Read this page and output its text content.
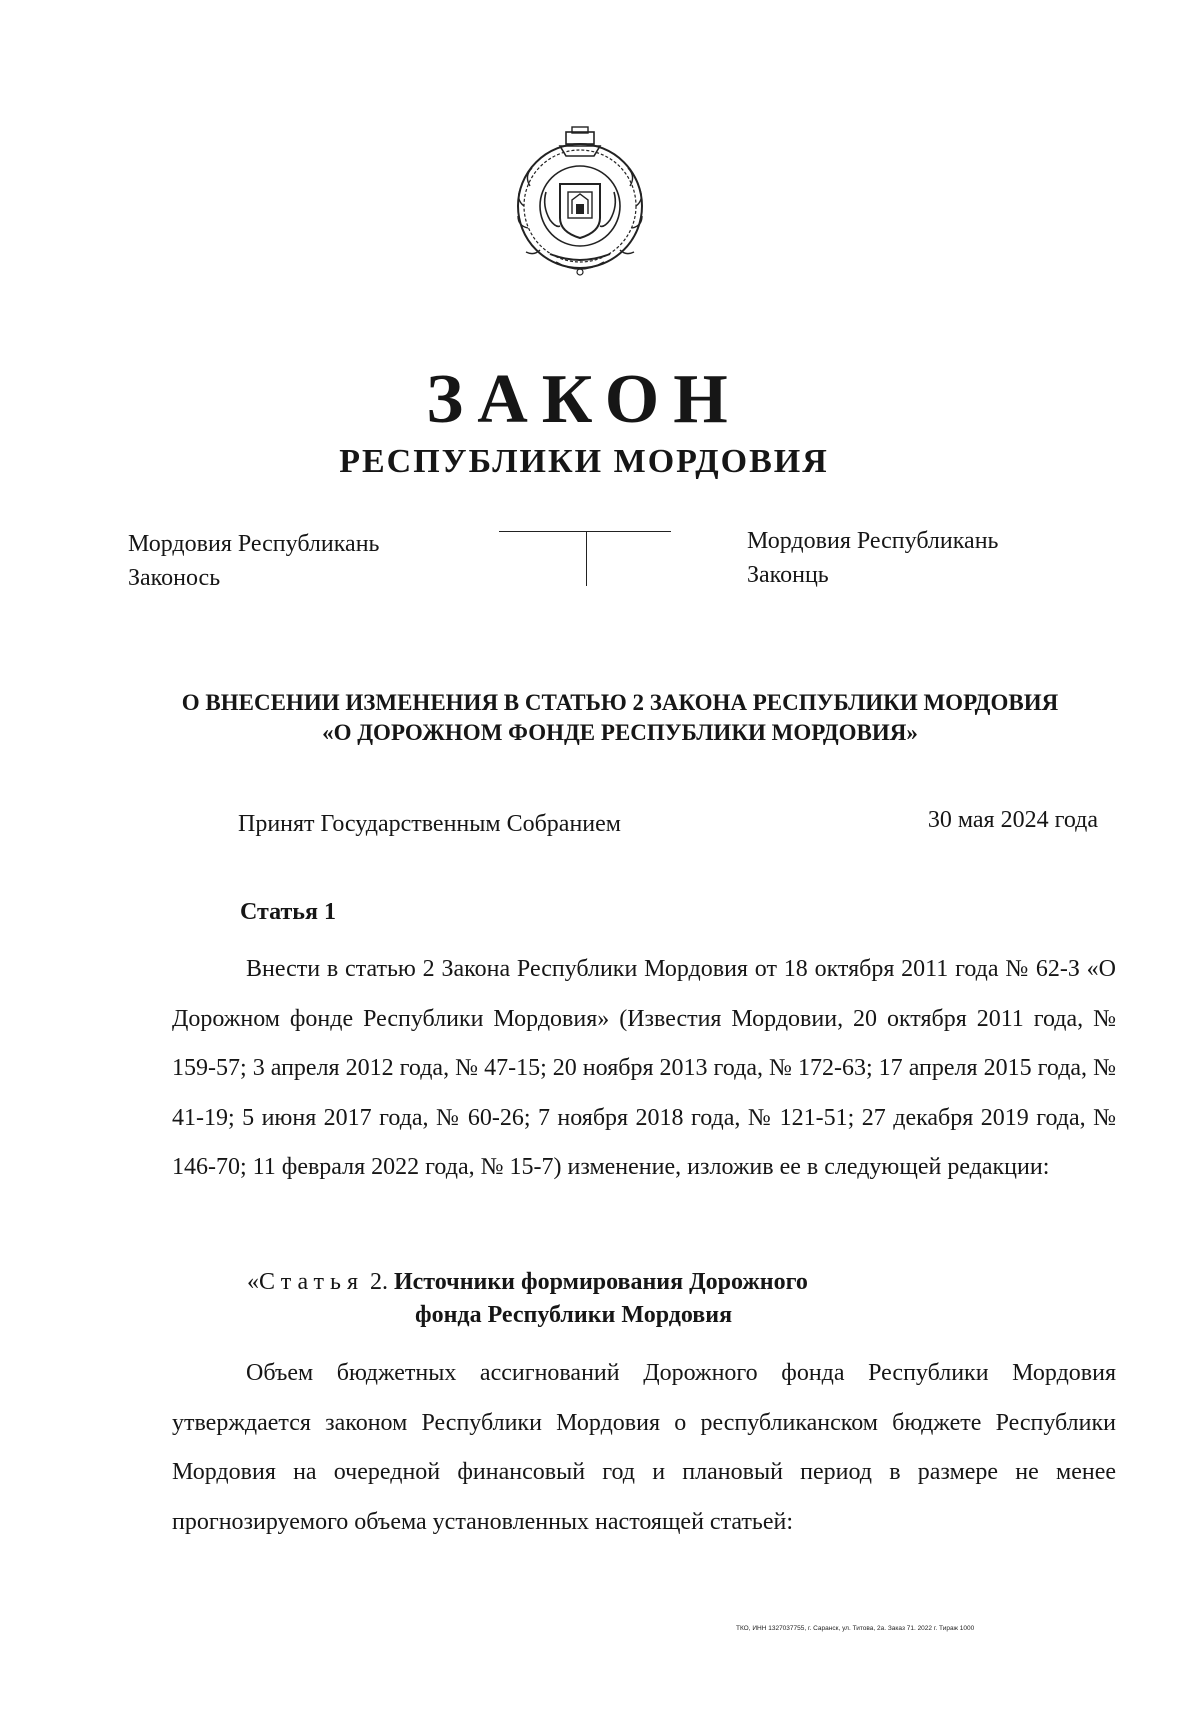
ЗАКОН
РЕСПУБЛИКИ МОРДОВИЯ
Мордовия Республикань
Законось
Мордовия Республикань
Законць
О ВНЕСЕНИИ ИЗМЕНЕНИЯ В СТАТЬЮ 2 ЗАКОНА РЕСПУБЛИКИ МОРДОВИЯ
«О ДОРОЖНОМ ФОНДЕ РЕСПУБЛИКИ МОРДОВИЯ»
Принят Государственным Собранием	30 мая 2024 года
Статья 1

Внести в статью 2 Закона Республики Мордовия от 18 октября 2011 года № 62-З «О Дорожном фонде Республики Мордовия» (Известия Мордовии, 20 октября 2011 года, № 159-57; 3 апреля 2012 года, № 47-15; 20 ноября 2013 года, № 172-63; 17 апреля 2015 года, № 41-19; 5 июня 2017 года, № 60-26; 7 ноября 2018 года, № 121-51; 27 декабря 2019 года, № 146-70; 11 февраля 2022 года, № 15-7) изменение, изложив ее в следующей редакции:

«Статья 2. Источники формирования Дорожного
фонда Республики Мордовия

Объем бюджетных ассигнований Дорожного фонда Республики Мордовия утверждается законом Республики Мордовия о республиканском бюджете Республики Мордовия на очередной финансовый год и плановый период в размере не менее прогнозируемого объема установленных настоящей статьей:

ТКО, ИНН 1327037755, г. Саранск, ул. Титова, 2а. Заказ 71. 2022 г. Тираж 1000
